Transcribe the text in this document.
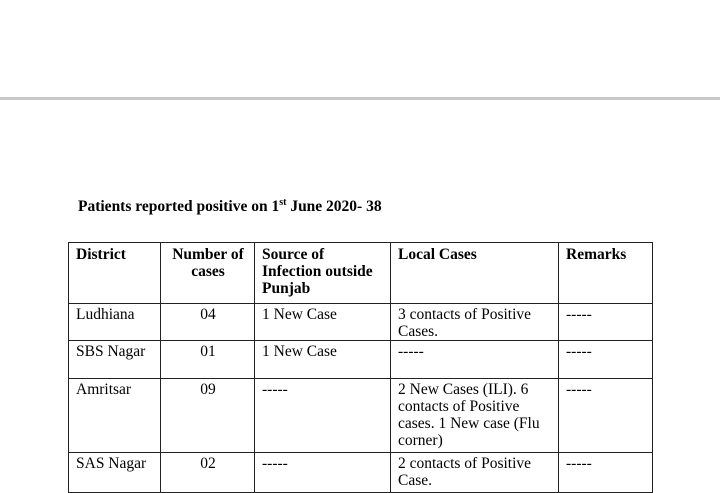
Patients reported positive on 1st June 2020- 38
District	Number of cases	Source of Infection outside Punjab	Local Cases	Remarks
Ludhiana	04	1 New Case	3 contacts of Positive Cases.	-----
SBS Nagar	01	1 New Case	-----	-----
Amritsar	09	-----	2 New Cases (ILI). 6 contacts of Positive cases. 1 New case (Flu corner)	-----
SAS Nagar	02	-----	2 contacts of Positive Case.	-----
